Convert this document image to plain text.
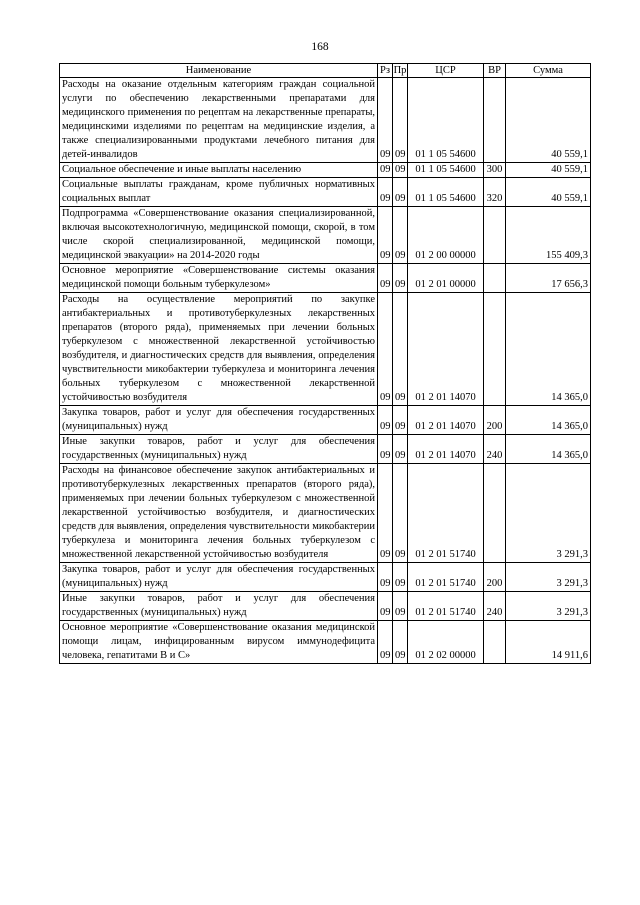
168
Наименование	Рз	Пр	ЦСР	ВР	Сумма
Расходы на оказание отдельным категориям граждан социальной услуги по обеспечению лекарственными препаратами для медицинского применения по рецептам на лекарственные препараты, медицинскими изделиями по рецептам на медицинские изделия, а также специализированными продуктами лечебного питания для детей-инвалидов	09	09	01 1 05 54600		40 559,1
Социальное обеспечение и иные выплаты населению	09	09	01 1 05 54600	300	40 559,1
Социальные выплаты гражданам, кроме публичных нормативных социальных выплат	09	09	01 1 05 54600	320	40 559,1
Подпрограмма «Совершенствование оказания специализированной, включая высокотехнологичную, медицинской помощи, скорой, в том числе скорой специализированной, медицинской помощи, медицинской эвакуации» на 2014-2020 годы	09	09	01 2 00 00000		155 409,3
Основное мероприятие «Совершенствование системы оказания медицинской помощи больным туберкулезом»	09	09	01 2 01 00000		17 656,3
Расходы на осуществление мероприятий по закупке антибактериальных и противотуберкулезных лекарственных препаратов (второго ряда), применяемых при лечении больных туберкулезом с множественной лекарственной устойчивостью возбудителя, и диагностических средств для выявления, определения чувствительности микобактерии туберкулеза и мониторинга лечения больных туберкулезом с множественной лекарственной устойчивостью возбудителя	09	09	01 2 01 14070		14 365,0
Закупка товаров, работ и услуг для обеспечения государственных (муниципальных) нужд	09	09	01 2 01 14070	200	14 365,0
Иные закупки товаров, работ и услуг для обеспечения государственных (муниципальных) нужд	09	09	01 2 01 14070	240	14 365,0
Расходы на финансовое обеспечение закупок антибактериальных и противотуберкулезных лекарственных препаратов (второго ряда), применяемых при лечении больных туберкулезом с множественной лекарственной устойчивостью возбудителя, и диагностических средств для выявления, определения чувствительности микобактерии туберкулеза и мониторинга лечения больных туберкулезом с множественной лекарственной устойчивостью возбудителя	09	09	01 2 01 51740		3 291,3
Закупка товаров, работ и услуг для обеспечения государственных (муниципальных) нужд	09	09	01 2 01 51740	200	3 291,3
Иные закупки товаров, работ и услуг для обеспечения государственных (муниципальных) нужд	09	09	01 2 01 51740	240	3 291,3
Основное мероприятие «Совершенствование оказания медицинской помощи лицам, инфицированным вирусом иммунодефицита человека, гепатитами В и С»	09	09	01 2 02 00000		14 911,6
